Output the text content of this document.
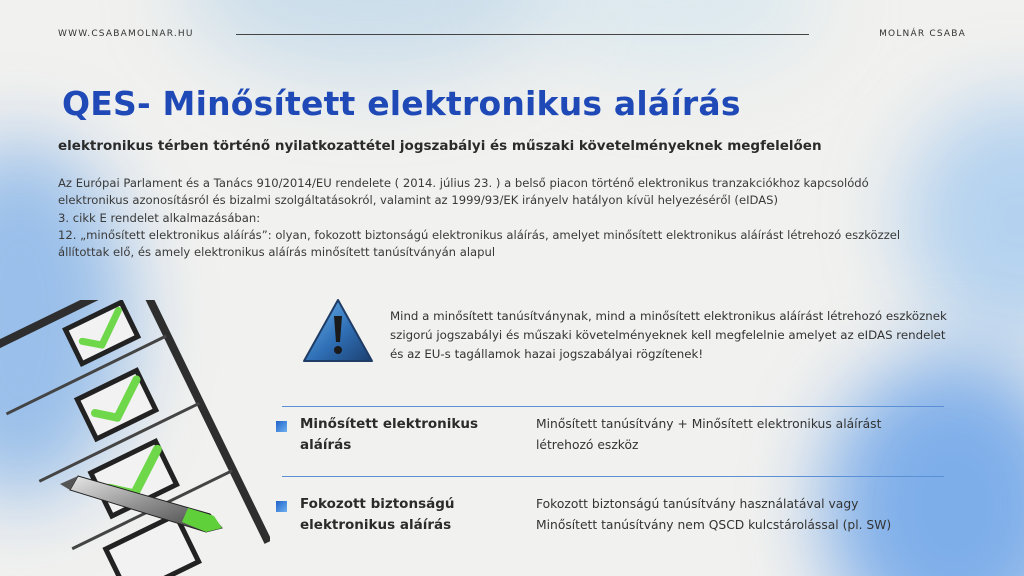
WWW.CSABAMOLNAR.HU	MOLNÁR CSABA
QES- Minősített elektronikus aláírás
elektronikus térben történő nyilatkozattétel jogszabályi és műszaki követelményeknek megfelelően
Az Európai Parlament és a Tanács 910/2014/EU rendelete ( 2014. július 23. ) a belső piacon történő elektronikus tranzakciókhoz kapcsolódó
elektronikus azonosításról és bizalmi szolgáltatásokról, valamint az 1999/93/EK irányelv hatályon kívül helyezéséről (eIDAS)
3. cikk E rendelet alkalmazásában:
12. „minősített elektronikus aláírás”: olyan, fokozott biztonságú elektronikus aláírás, amelyet minősített elektronikus aláírást létrehozó eszközzel
állítottak elő, és amely elektronikus aláírás minősített tanúsítványán alapul
Mind a minősített tanúsítványnak, mind a minősített elektronikus aláírást létrehozó eszköznek
szigorú jogszabályi és műszaki követelményeknek kell megfelelnie amelyet az eIDAS rendelet
és az EU-s tagállamok hazai jogszabályai rögzítenek!
Minősített elektronikus
aláírás
Minősített tanúsítvány + Minősített elektronikus aláírást
létrehozó eszköz
Fokozott biztonságú
elektronikus aláírás
Fokozott biztonságú tanúsítvány használatával vagy
Minősített tanúsítvány nem QSCD kulcstárolással (pl. SW)
